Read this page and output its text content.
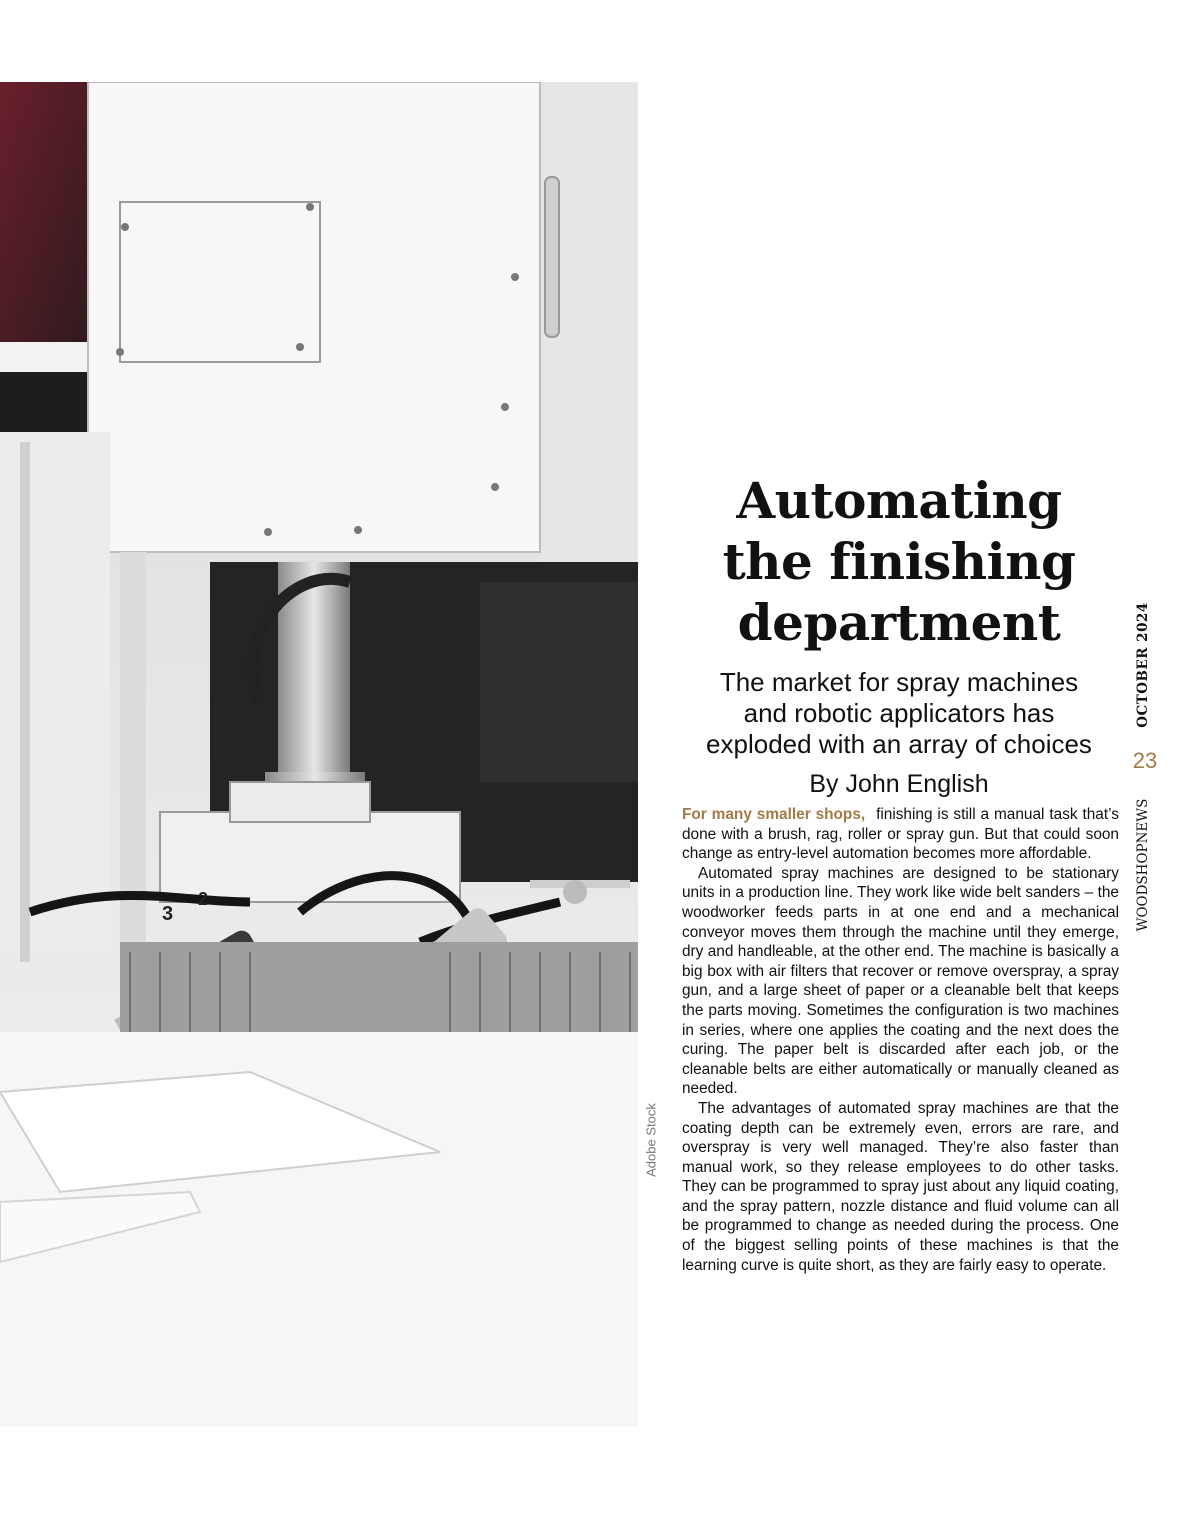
3
2
Adobe Stock
Automating
the finishing
department

The market for spray machines
and robotic applicators has
exploded with an array of choices

By John English

For many smaller shops, finishing is still a manual task that’s done with a brush, rag, roller or spray gun. But that could soon change as entry-level automation becomes more affordable.

Automated spray machines are designed to be stationary units in a production line. They work like wide belt sanders – the woodworker feeds parts in at one end and a mechanical conveyor moves them through the machine until they emerge, dry and handleable, at the other end. The machine is basically a big box with air filters that recover or remove overspray, a spray gun, and a large sheet of paper or a cleanable belt that keeps the parts moving. Sometimes the configuration is two machines in series, where one applies the coating and the next does the curing. The paper belt is discarded after each job, or the cleanable belts are either automatically or manually cleaned as needed.

The advantages of automated spray machines are that the coating depth can be extremely even, errors are rare, and overspray is very well managed. They’re also faster than manual work, so they release employees to do other tasks. They can be programmed to spray just about any liquid coating, and the spray pattern, nozzle distance and fluid volume can all be programmed to change as needed during the process. One of the biggest selling points of these machines is that the learning curve is quite short, as they are fairly easy to operate.

OCTOBER 2024
23
WOODSHOPNEWS
